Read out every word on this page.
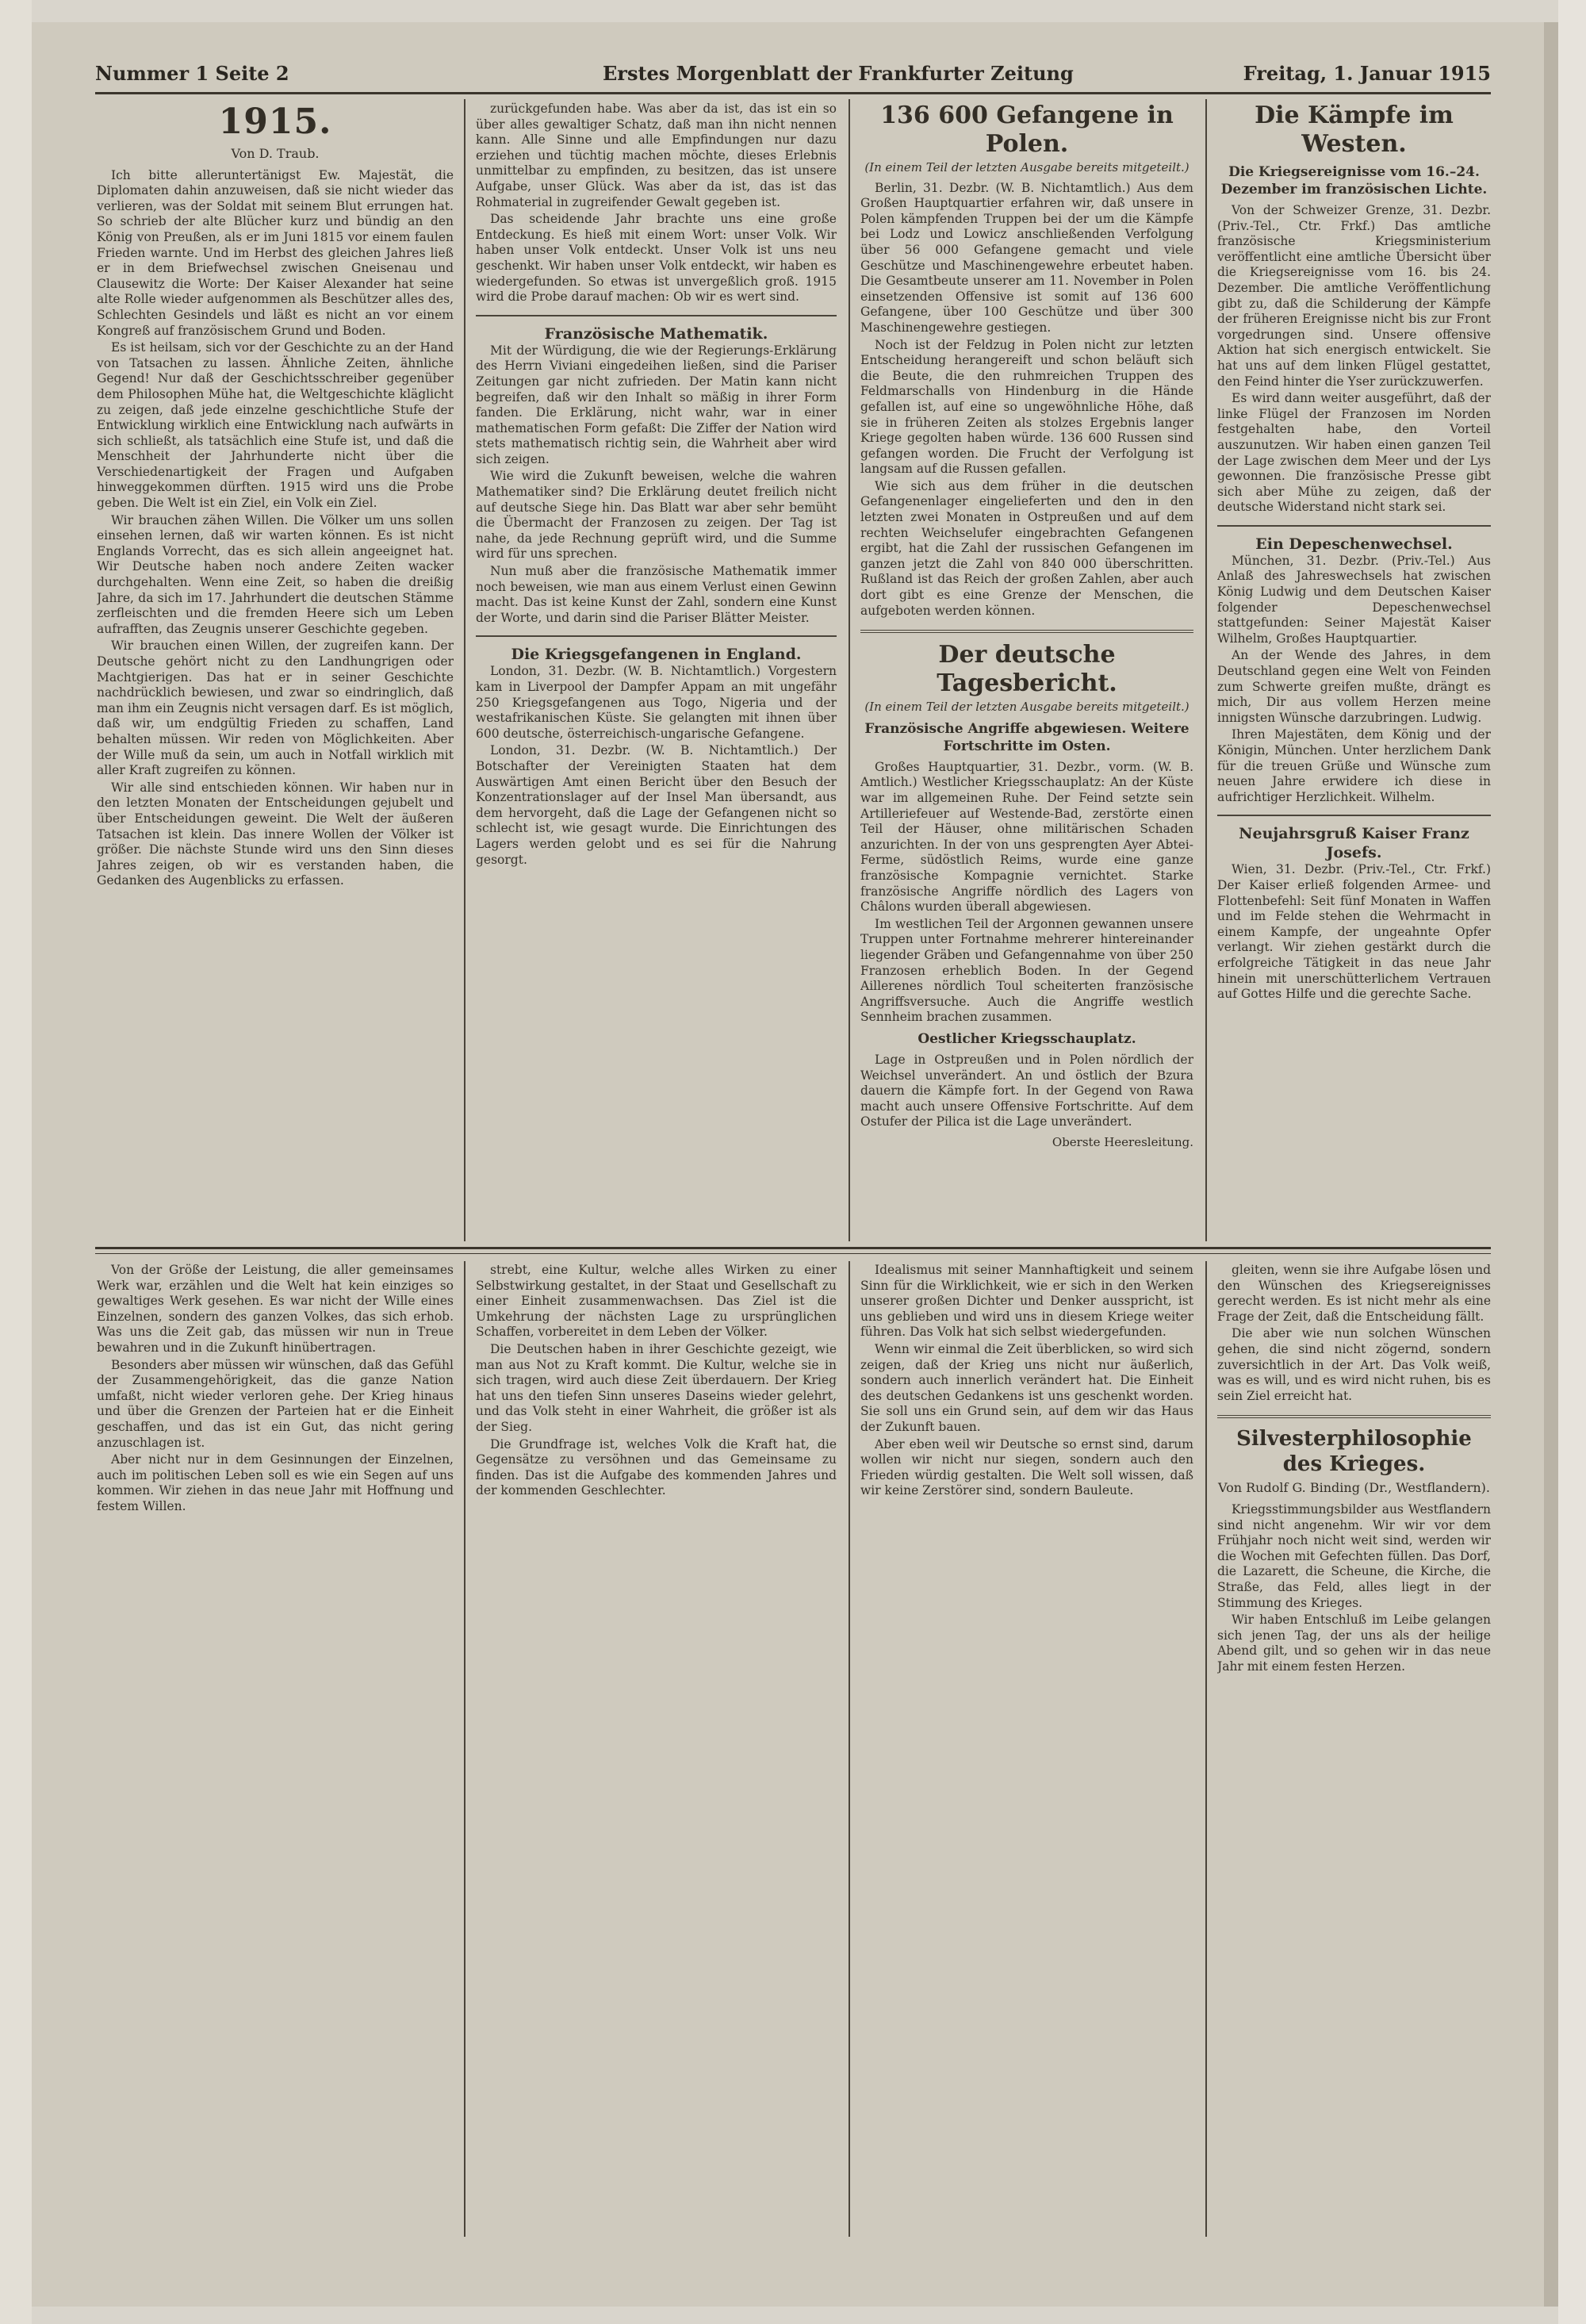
Nummer 1 Seite 2	Erstes Morgenblatt der Frankfurter Zeitung	Freitag, 1. Januar 1915
1915.
Von D. Traub.

Ich bitte alleruntertänigst Ew. Majestät, die Diplomaten dahin anzuweisen, daß sie nicht wieder das verlieren, was der Soldat mit seinem Blut errungen hat. So schrieb der alte Blücher kurz und bündig an den König von Preußen, als er im Juni 1815 vor einem faulen Frieden warnte. Und im Herbst des gleichen Jahres ließ er in dem Briefwechsel zwischen Gneisenau und Clausewitz die Worte: Der Kaiser Alexander hat seine alte Rolle wieder aufgenommen als Beschützer alles des, Schlechten Gesindels und läßt es nicht an vor einem Kongreß auf französischem Grund und Boden.

Es ist heilsam, sich vor der Geschichte zu an der Hand von Tatsachen zu lassen. Ähnliche Zeiten, ähnliche Gegend! Nur daß der Geschichtsschreiber gegenüber dem Philosophen Mühe hat, die Weltgeschichte kläglicht zu zeigen, daß jede einzelne geschichtliche Stufe der Entwicklung wirklich eine Entwicklung nach aufwärts in sich schließt, als tatsächlich eine Stufe ist, und daß die Menschheit der Jahrhunderte nicht über die Verschiedenartigkeit der Fragen und Aufgaben hinweggekommen dürften. 1915 wird uns die Probe geben. Die Welt ist ein Ziel, ein Volk ein Ziel.

Wir brauchen zähen Willen. Die Völker um uns sollen einsehen lernen, daß wir warten können. Es ist nicht Englands Vorrecht, das es sich allein angeeignet hat. Wir Deutsche haben noch andere Zeiten wacker durchgehalten. Wenn eine Zeit, so haben die dreißig Jahre, da sich im 17. Jahrhundert die deutschen Stämme zerfleischten und die fremden Heere sich um Leben aufrafften, das Zeugnis unserer Geschichte gegeben.

Wir brauchen einen Willen, der zugreifen kann. Der Deutsche gehört nicht zu den Landhungrigen oder Machtgierigen. Das hat er in seiner Geschichte nachdrücklich bewiesen, und zwar so eindringlich, daß man ihm ein Zeugnis nicht versagen darf. Es ist möglich, daß wir, um endgültig Frieden zu schaffen, Land behalten müssen. Wir reden von Möglichkeiten. Aber der Wille muß da sein, um auch in Notfall wirklich mit aller Kraft zugreifen zu können.

Wir alle sind entschieden können. Wir haben nur in den letzten Monaten der Entscheidungen gejubelt und über Entscheidungen geweint. Die Welt der äußeren Tatsachen ist klein. Das innere Wollen der Völker ist größer. Die nächste Stunde wird uns den Sinn dieses Jahres zeigen, ob wir es verstanden haben, die Gedanken des Augenblicks zu erfassen.

zurückgefunden habe. Was aber da ist, das ist ein so über alles gewaltiger Schatz, daß man ihn nicht nennen kann. Alle Sinne und alle Empfindungen nur dazu erziehen und tüchtig machen möchte, dieses Erlebnis unmittelbar zu empfinden, zu besitzen, das ist unsere Aufgabe, unser Glück. Was aber da ist, das ist das Rohmaterial in zugreifender Gewalt gegeben ist.

Das scheidende Jahr brachte uns eine große Entdeckung. Es hieß mit einem Wort: unser Volk. Wir haben unser Volk entdeckt. Unser Volk ist uns neu geschenkt. Wir haben unser Volk entdeckt, wir haben es wiedergefunden. So etwas ist unvergeßlich groß. 1915 wird die Probe darauf machen: Ob wir es wert sind.

Französische Mathematik.

Mit der Würdigung, die wie der Regierungs-Erklärung des Herrn Viviani eingedeihen ließen, sind die Pariser Zeitungen gar nicht zufrieden. Der Matin kann nicht begreifen, daß wir den Inhalt so mäßig in ihrer Form fanden. Die Erklärung, nicht wahr, war in einer mathematischen Form gefaßt: Die Ziffer der Nation wird stets mathematisch richtig sein, die Wahrheit aber wird sich zeigen.

Wie wird die Zukunft beweisen, welche die wahren Mathematiker sind? Die Erklärung deutet freilich nicht auf deutsche Siege hin. Das Blatt war aber sehr bemüht die Übermacht der Franzosen zu zeigen. Der Tag ist nahe, da jede Rechnung geprüft wird, und die Summe wird für uns sprechen.

Nun muß aber die französische Mathematik immer noch beweisen, wie man aus einem Verlust einen Gewinn macht. Das ist keine Kunst der Zahl, sondern eine Kunst der Worte, und darin sind die Pariser Blätter Meister.

Die Kriegsgefangenen in England.

London, 31. Dezbr. (W. B. Nichtamtlich.) Vorgestern kam in Liverpool der Dampfer Appam an mit ungefähr 250 Kriegsgefangenen aus Togo, Nigeria und der westafrikanischen Küste. Sie gelangten mit ihnen über 600 deutsche, österreichisch-ungarische Gefangene.

London, 31. Dezbr. (W. B. Nichtamtlich.) Der Botschafter der Vereinigten Staaten hat dem Auswärtigen Amt einen Bericht über den Besuch der Konzentrationslager auf der Insel Man übersandt, aus dem hervorgeht, daß die Lage der Gefangenen nicht so schlecht ist, wie gesagt wurde. Die Einrichtungen des Lagers werden gelobt und es sei für die Nahrung gesorgt.

136 600 Gefangene in Polen.
(In einem Teil der letzten Ausgabe bereits mitgeteilt.)

Berlin, 31. Dezbr. (W. B. Nichtamtlich.) Aus dem Großen Hauptquartier erfahren wir, daß unsere in Polen kämpfenden Truppen bei der um die Kämpfe bei Lodz und Lowicz anschließenden Verfolgung über 56 000 Gefangene gemacht und viele Geschütze und Maschinengewehre erbeutet haben. Die Gesamtbeute unserer am 11. November in Polen einsetzenden Offensive ist somit auf 136 600 Gefangene, über 100 Geschütze und über 300 Maschinengewehre gestiegen.

Noch ist der Feldzug in Polen nicht zur letzten Entscheidung herangereift und schon beläuft sich die Beute, die den ruhmreichen Truppen des Feldmarschalls von Hindenburg in die Hände gefallen ist, auf eine so ungewöhnliche Höhe, daß sie in früheren Zeiten als stolzes Ergebnis langer Kriege gegolten haben würde. 136 600 Russen sind gefangen worden. Die Frucht der Verfolgung ist langsam auf die Russen gefallen.

Wie sich aus dem früher in die deutschen Gefangenenlager eingelieferten und den in den letzten zwei Monaten in Ostpreußen und auf dem rechten Weichselufer eingebrachten Gefangenen ergibt, hat die Zahl der russischen Gefangenen im ganzen jetzt die Zahl von 840 000 überschritten. Rußland ist das Reich der großen Zahlen, aber auch dort gibt es eine Grenze der Menschen, die aufgeboten werden können.

Der deutsche Tagesbericht.
(In einem Teil der letzten Ausgabe bereits mitgeteilt.)
Französische Angriffe abgewiesen. Weitere Fortschritte im Osten.

Großes Hauptquartier, 31. Dezbr., vorm. (W. B. Amtlich.) Westlicher Kriegsschauplatz: An der Küste war im allgemeinen Ruhe. Der Feind setzte sein Artilleriefeuer auf Westende-Bad, zerstörte einen Teil der Häuser, ohne militärischen Schaden anzurichten. In der von uns gesprengten Ayer Abtei-Ferme, südöstlich Reims, wurde eine ganze französische Kompagnie vernichtet. Starke französische Angriffe nördlich des Lagers von Châlons wurden überall abgewiesen.

Im westlichen Teil der Argonnen gewannen unsere Truppen unter Fortnahme mehrerer hintereinander liegender Gräben und Gefangennahme von über 250 Franzosen erheblich Boden. In der Gegend Aillerenes nördlich Toul scheiterten französische Angriffsversuche. Auch die Angriffe westlich Sennheim brachen zusammen.

Oestlicher Kriegsschauplatz.

Lage in Ostpreußen und in Polen nördlich der Weichsel unverändert. An und östlich der Bzura dauern die Kämpfe fort. In der Gegend von Rawa macht auch unsere Offensive Fortschritte. Auf dem Ostufer der Pilica ist die Lage unverändert.

Oberste Heeresleitung.
Die Kämpfe im Westen.
Die Kriegsereignisse vom 16.–24. Dezember im französischen Lichte.

Von der Schweizer Grenze, 31. Dezbr. (Priv.-Tel., Ctr. Frkf.) Das amtliche französische Kriegsministerium veröffentlicht eine amtliche Übersicht über die Kriegsereignisse vom 16. bis 24. Dezember. Die amtliche Veröffentlichung gibt zu, daß die Schilderung der Kämpfe der früheren Ereignisse nicht bis zur Front vorgedrungen sind. Unsere offensive Aktion hat sich energisch entwickelt. Sie hat uns auf dem linken Flügel gestattet, den Feind hinter die Yser zurückzuwerfen.

Es wird dann weiter ausgeführt, daß der linke Flügel der Franzosen im Norden festgehalten habe, den Vorteil auszunutzen. Wir haben einen ganzen Teil der Lage zwischen dem Meer und der Lys gewonnen. Die französische Presse gibt sich aber Mühe zu zeigen, daß der deutsche Widerstand nicht stark sei.

Ein Depeschenwechsel.

München, 31. Dezbr. (Priv.-Tel.) Aus Anlaß des Jahreswechsels hat zwischen König Ludwig und dem Deutschen Kaiser folgender Depeschenwechsel stattgefunden: Seiner Majestät Kaiser Wilhelm, Großes Hauptquartier.

An der Wende des Jahres, in dem Deutschland gegen eine Welt von Feinden zum Schwerte greifen mußte, drängt es mich, Dir aus vollem Herzen meine innigsten Wünsche darzubringen. Ludwig.

Ihren Majestäten, dem König und der Königin, München. Unter herzlichem Dank für die treuen Grüße und Wünsche zum neuen Jahre erwidere ich diese in aufrichtiger Herzlichkeit. Wilhelm.

Neujahrsgruß Kaiser Franz Josefs.

Wien, 31. Dezbr. (Priv.-Tel., Ctr. Frkf.) Der Kaiser erließ folgenden Armee- und Flottenbefehl: Seit fünf Monaten in Waffen und im Felde stehen die Wehrmacht in einem Kampfe, der ungeahnte Opfer verlangt. Wir ziehen gestärkt durch die erfolgreiche Tätigkeit in das neue Jahr hinein mit unerschütterlichem Vertrauen auf Gottes Hilfe und die gerechte Sache.

Von der Größe der Leistung, die aller gemeinsames Werk war, erzählen und die Welt hat kein einziges so gewaltiges Werk gesehen. Es war nicht der Wille eines Einzelnen, sondern des ganzen Volkes, das sich erhob. Was uns die Zeit gab, das müssen wir nun in Treue bewahren und in die Zukunft hinübertragen.

Besonders aber müssen wir wünschen, daß das Gefühl der Zusammengehörigkeit, das die ganze Nation umfaßt, nicht wieder verloren gehe. Der Krieg hinaus und über die Grenzen der Parteien hat er die Einheit geschaffen, und das ist ein Gut, das nicht gering anzuschlagen ist.

Aber nicht nur in dem Gesinnungen der Einzelnen, auch im politischen Leben soll es wie ein Segen auf uns kommen. Wir ziehen in das neue Jahr mit Hoffnung und festem Willen.

strebt, eine Kultur, welche alles Wirken zu einer Selbstwirkung gestaltet, in der Staat und Gesellschaft zu einer Einheit zusammenwachsen. Das Ziel ist die Umkehrung der nächsten Lage zu ursprünglichen Schaffen, vorbereitet in dem Leben der Völker.

Die Deutschen haben in ihrer Geschichte gezeigt, wie man aus Not zu Kraft kommt. Die Kultur, welche sie in sich tragen, wird auch diese Zeit überdauern. Der Krieg hat uns den tiefen Sinn unseres Daseins wieder gelehrt, und das Volk steht in einer Wahrheit, die größer ist als der Sieg.

Die Grundfrage ist, welches Volk die Kraft hat, die Gegensätze zu versöhnen und das Gemeinsame zu finden. Das ist die Aufgabe des kommenden Jahres und der kommenden Geschlechter.

Idealismus mit seiner Mannhaftigkeit und seinem Sinn für die Wirklichkeit, wie er sich in den Werken unserer großen Dichter und Denker ausspricht, ist uns geblieben und wird uns in diesem Kriege weiter führen. Das Volk hat sich selbst wiedergefunden.

Wenn wir einmal die Zeit überblicken, so wird sich zeigen, daß der Krieg uns nicht nur äußerlich, sondern auch innerlich verändert hat. Die Einheit des deutschen Gedankens ist uns geschenkt worden. Sie soll uns ein Grund sein, auf dem wir das Haus der Zukunft bauen.

Aber eben weil wir Deutsche so ernst sind, darum wollen wir nicht nur siegen, sondern auch den Frieden würdig gestalten. Die Welt soll wissen, daß wir keine Zerstörer sind, sondern Bauleute.

gleiten, wenn sie ihre Aufgabe lösen und den Wünschen des Kriegsereignisses gerecht werden. Es ist nicht mehr als eine Frage der Zeit, daß die Entscheidung fällt.

Die aber wie nun solchen Wünschen gehen, die sind nicht zögernd, sondern zuversichtlich in der Art. Das Volk weiß, was es will, und es wird nicht ruhen, bis es sein Ziel erreicht hat.

Silvesterphilosophie des Krieges.
Von Rudolf G. Binding (Dr., Westflandern).

Kriegsstimmungsbilder aus Westflandern sind nicht angenehm. Wir wir vor dem Frühjahr noch nicht weit sind, werden wir die Wochen mit Gefechten füllen. Das Dorf, die Lazarett, die Scheune, die Kirche, die Straße, das Feld, alles liegt in der Stimmung des Krieges.

Wir haben Entschluß im Leibe gelangen sich jenen Tag, der uns als der heilige Abend gilt, und so gehen wir in das neue Jahr mit einem festen Herzen.
